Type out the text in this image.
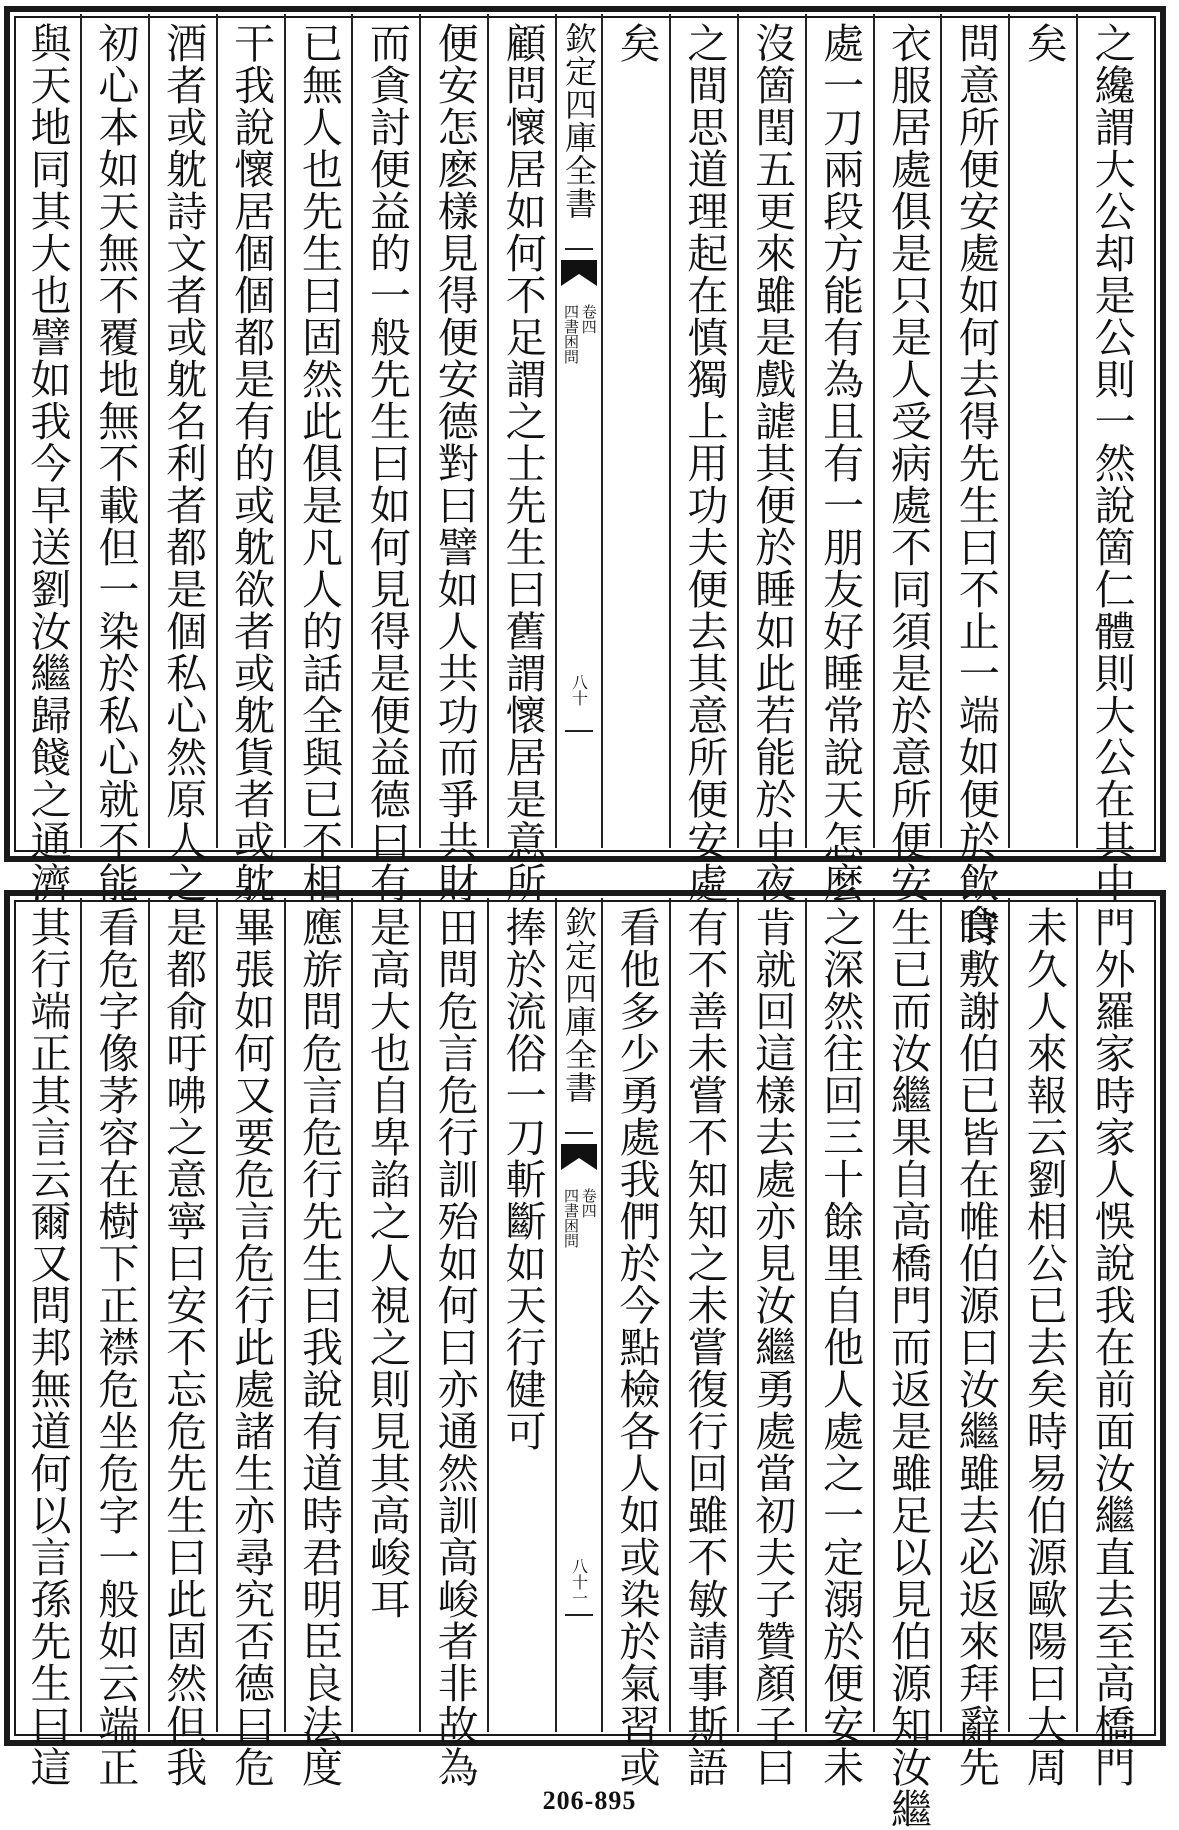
之纔謂大公却是公則一然說箇仁體則大公在其中
矣
問意所便安處如何去得先生曰不止一端如便於飲食
衣服居處俱是只是人受病處不同須是於意所便安
處一刀兩段方能有為且有一朋友好睡常說天怎麼
沒箇閏五更來雖是戲謔其便於睡如此若能於中夜
之間思道理起在慎獨上用功夫便去其意所便安處
矣
欽定四庫全書
四書困問 卷四
八十
顧問懷居如何不足謂之士先生曰舊謂懷居是意所
便安怎麽樣見得便安德對曰譬如人共功而爭共財
而貪討便益的一般先生曰如何見得是便益德曰有
已無人也先生曰固然此俱是凡人的話全與已不相
干我說懷居個個都是有的或躭欲者或躭貨者或躭
酒者或躭詩文者或躭名利者都是個私心然原人之
初心本如天無不覆地無不載但一染於私心就不能
與天地同其大也譬如我今早送劉汝繼歸餞之通濟
門外羅家時家人悞說我在前面汝繼直去至高橋門
未久人來報云劉相公已去矣時易伯源歐陽曰大周
時敷謝伯已皆在帷伯源曰汝繼雖去必返來拜辭先
生已而汝繼果自高橋門而返是雖足以見伯源知汝繼
之深然往回三十餘里自他人處之一定溺於便安未
肯就回這樣去處亦見汝繼勇處當初夫子贊顏子曰
有不善未嘗不知知之未嘗復行回雖不敏請事斯語
看他多少勇處我們於今點檢各人如或染於氣習或
欽定四庫全書
四書困問 卷四
八十一
捧於流俗一刀斬斷如天行健可
田問危言危行訓殆如何曰亦通然訓高峻者非故為
是高大也自卑諂之人視之則見其高峻耳
應旂問危言危行先生曰我說有道時君明臣良法度
畢張如何又要危言危行此處諸生亦尋究否德曰危
是都俞吁咈之意寧曰安不忘危先生曰此固然但我
看危字像茅容在樹下正襟危坐危字一般如云端正
其行端正其言云爾又問邦無道何以言孫先生曰這
206-895
